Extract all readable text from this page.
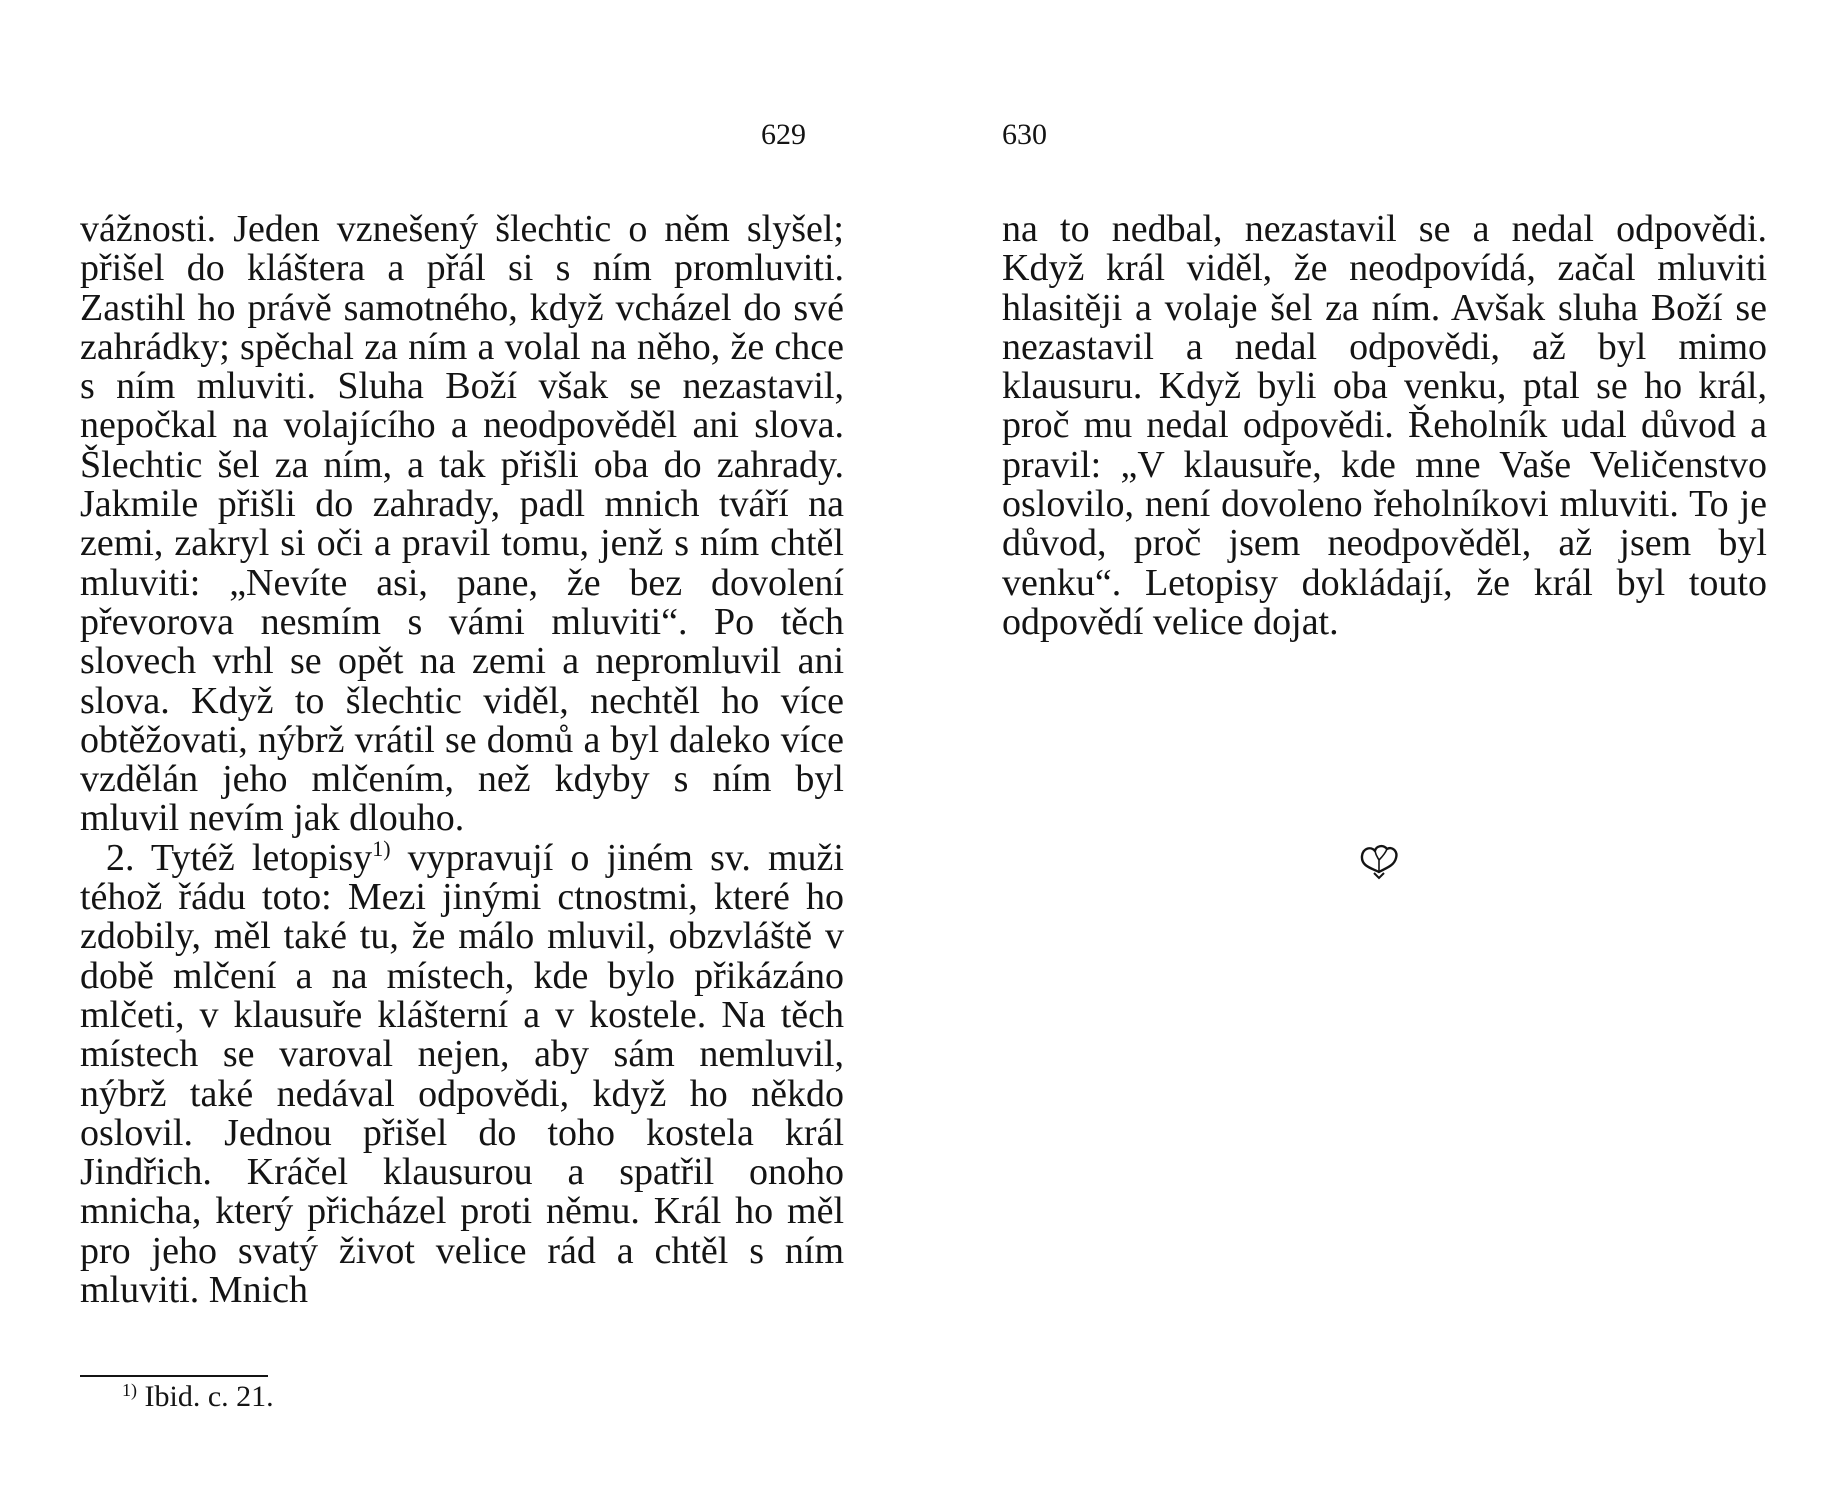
629	630

vážnosti. Jeden vznešený šlechtic o něm slyšel; přišel do kláštera a přál si s ním promluviti. Zastihl ho právě samotného, když vcházel do své zahrádky; spěchal za ním a volal na něho, že chce s ním mluviti. Sluha Boží však se nezastavil, nepočkal na volajícího a neodpověděl ani slova. Šlechtic šel za ním, a tak přišli oba do zahrady. Jakmile přišli do zahrady, padl mnich tváří na zemi, zakryl si oči a pravil tomu, jenž s ním chtěl mluviti: „Nevíte asi, pane, že bez dovolení převorova nesmím s vámi mluviti“. Po těch slovech vrhl se opět na zemi a nepromluvil ani slova. Když to šlechtic viděl, nechtěl ho více obtěžovati, nýbrž vrátil se domů a byl daleko více vzdělán jeho mlčením, než kdyby s ním byl mluvil nevím jak dlouho.

2. Tytéž letopisy$^{1)}$ vypravují o jiném sv. muži téhož řádu toto: Mezi jinými ctnostmi, které ho zdobily, měl také tu, že málo mluvil, obzvláště v době mlčení a na místech, kde bylo přikázáno mlčeti, v klausuře klášterní a v kostele. Na těch místech se varoval nejen, aby sám nemluvil, nýbrž také nedával odpovědi, když ho někdo oslovil. Jednou přišel do toho kostela král Jindřich. Kráčel klausurou a spatřil onoho mnicha, který přicházel proti němu. Král ho měl pro jeho svatý život velice rád a chtěl s ním mluviti. Mnich

$^{1)}$ Ibid. c. 21.

na to nedbal, nezastavil se a nedal odpovědi. Když král viděl, že neodpovídá, začal mluviti hlasitěji a volaje šel za ním. Avšak sluha Boží se nezastavil a nedal odpovědi, až byl mimo klausuru. Když byli oba venku, ptal se ho král, proč mu nedal odpovědi. Řeholník udal důvod a pravil: „V klausuře, kde mne Vaše Veličenstvo oslovilo, není dovoleno řeholníkovi mluviti. To je důvod, proč jsem neodpověděl, až jsem byl venku“. Letopisy dokládají, že král byl touto odpovědí velice dojat.
